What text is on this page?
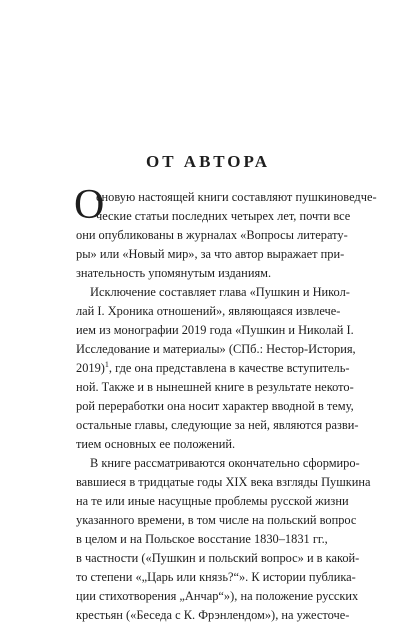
ОТ АВТОРА
О
сновую настоящей книги составляют пушкиноведче-
ческие статьи последних четырех лет, почти все
они опубликованы в журналах «Вопросы литерату-
ры» или «Новый мир», за что автор выражает при-
знательность упомянутым изданиям.
Исключение составляет глава «Пушкин и Никол-
лай I. Хроника отношений», являющаяся извлече-
ием из монографии 2019 года «Пушкин и Николай I.
Исследование и материалы» (СПб.: Нестор-История,
2019)$^1$, где она представлена в качестве вступитель-
ной. Также и в нынешней книге в результате некото-
рой переработки она носит характер вводной в тему,
остальные главы, следующие за ней, являются разви-
тием основных ее положений.
В книге рассматриваются окончательно сформиро-
вавшиеся в тридцатые годы XIX века взгляды Пушкина
на те или иные насущные проблемы русской жизни
указанного времени, в том числе на польский вопрос
в целом и на Польское восстание 1830–1831 гг.,
в частности («Пушкин и польский вопрос» и в какой-
то степени «„Царь или князь?“». К истории публика-
ции стихотворения „Анчар“»), на положение русских
крестьян («Беседа с К. Фрэнлендом»), на ужесточе-
